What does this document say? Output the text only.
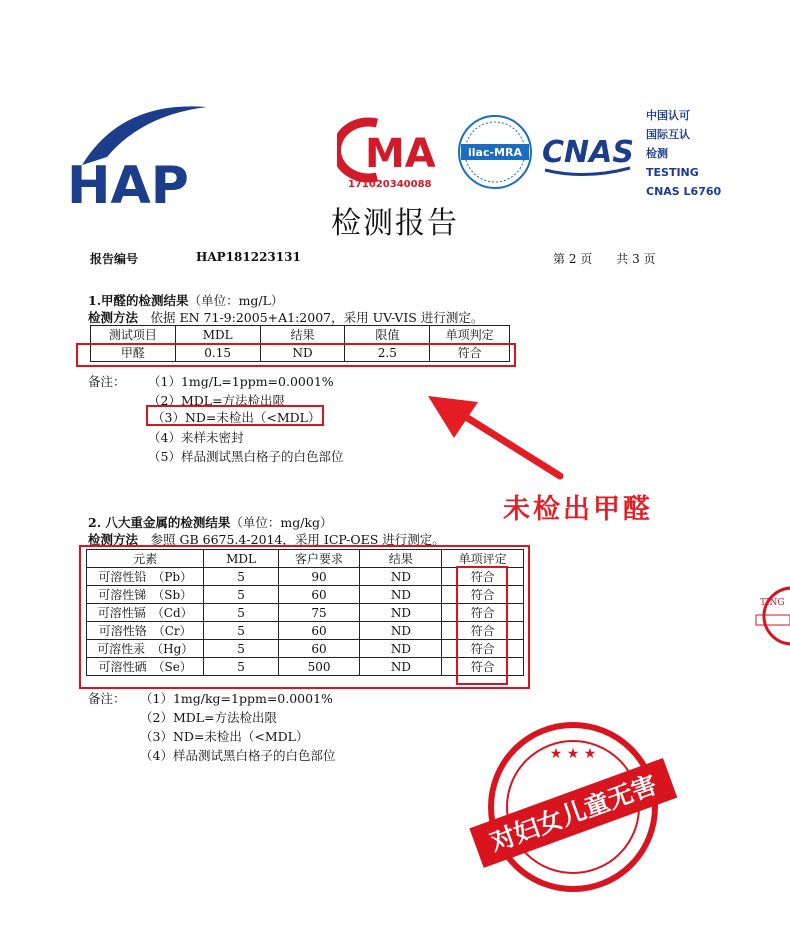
HAP
MA
171020340088
ilac-MRA CNAS
中国认可
国际互认
检测
TESTING
CNAS L6760
检测报告
报告编号	HAP181223131	第 2 页　　共 3 页
1.甲醛的检测结果（单位：mg/L）
检测方法　 依据 EN 71-9:2005+A1:2007，采用 UV-VIS 进行测定。
测试项目	MDL	结果	限值	单项判定
甲醛	0.15	ND	2.5	符合
备注： （1）1mg/L=1ppm=0.0001%
（2）MDL=方法检出限
（3）ND=未检出（<MDL）
（4）来样未密封
（5）样品测试黑白格子的白色部位
未检出甲醛
2. 八大重金属的检测结果（单位：mg/kg）
检测方法　 参照 GB 6675.4-2014，采用 ICP-OES 进行测定。
元素	MDL	客户要求	结果	单项评定
可溶性铅　（Pb）	5	90	ND	符合
可溶性锑　（Sb）	5	60	ND	符合
可溶性镉　（Cd）	5	75	ND	符合
可溶性铬　（Cr）	5	60	ND	符合
可溶性汞　（Hg）	5	60	ND	符合
可溶性硒　（Se）	5	500	ND	符合
备注： （1）1mg/kg=1ppm=0.0001%
（2）MDL=方法检出限
（3）ND=未检出（<MDL）
（4）样品测试黑白格子的白色部位	★ ★ ★
对妇女儿童无害
TING
